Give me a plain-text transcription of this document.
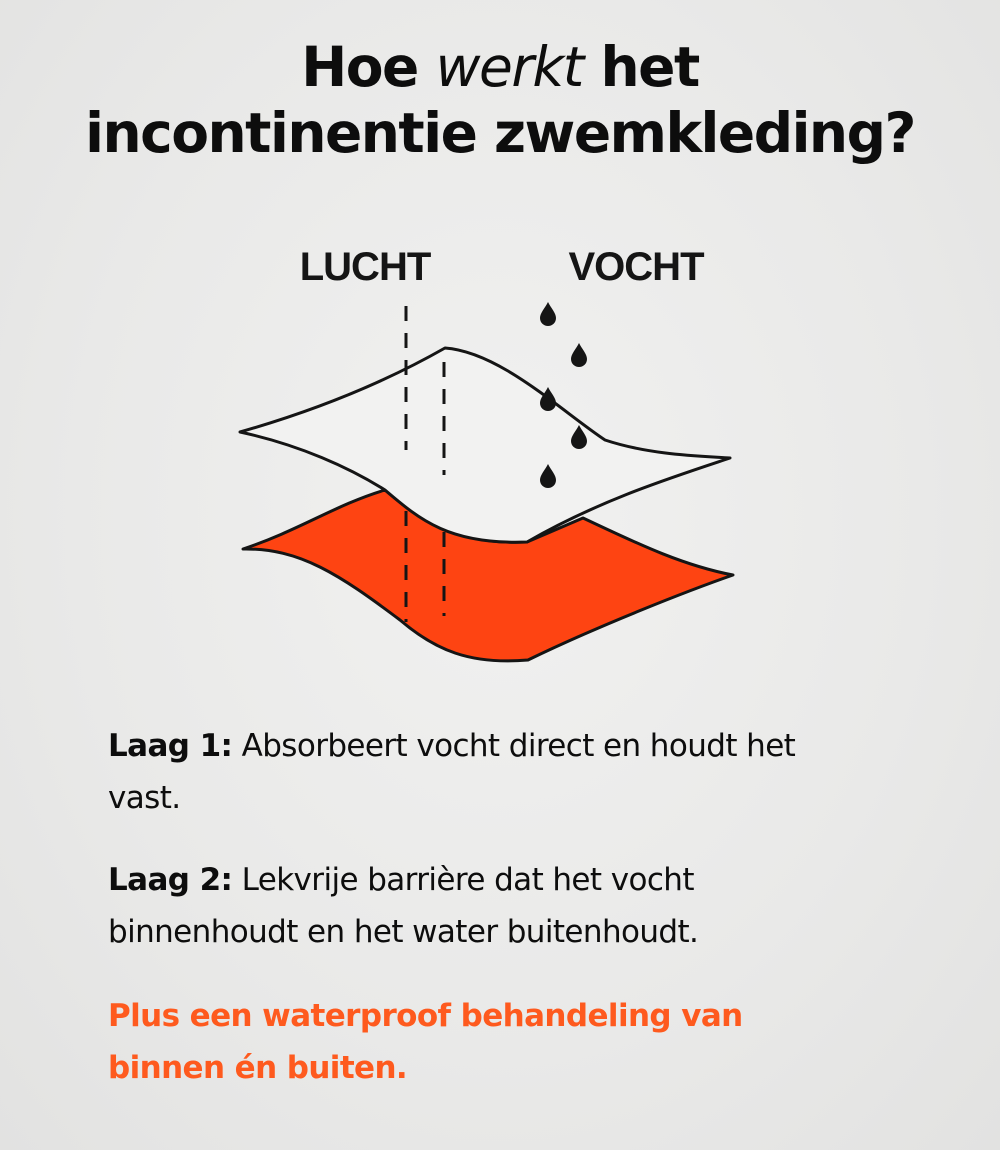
Hoe werkt het
incontinentie zwemkleding?
LUCHT	VOCHT

Laag 1: Absorbeert vocht direct en houdt het vast.

Laag 2: Lekvrije barrière dat het vocht binnenhoudt en het water buitenhoudt.

Plus een waterproof behandeling van binnen én buiten.
